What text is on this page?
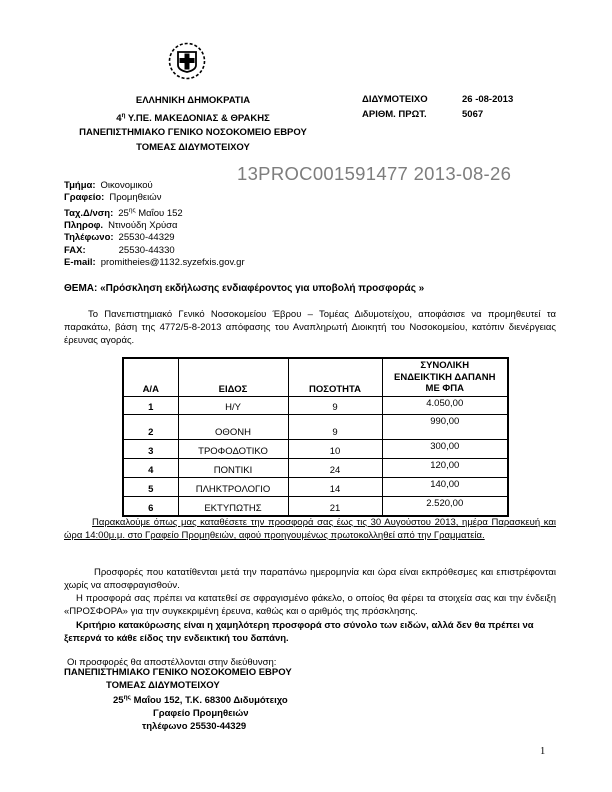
ΕΛΛΗΝΙΚΗ ΔΗΜΟΚΡΑΤΙΑ
$4^\eta$ Υ.ΠΕ. ΜΑΚΕΔΟΝΙΑΣ & ΘΡΑΚΗΣ
ΠΑΝΕΠΙΣΤΗΜΙΑΚΟ ΓΕΝΙΚΟ ΝΟΣΟΚΟΜΕΙΟ ΕΒΡΟΥ
ΤΟΜΕΑΣ ΔΙΔΥΜΟΤΕΙΧΟΥ
ΔΙΔΥΜΟΤΕΙΧΟ	26 -08-2013
ΑΡΙΘΜ. ΠΡΩΤ.	5067
13PROC001591477 2013-08-26
Τμήμα: Οικονομικού
Γραφείο: Προμηθειών
Ταχ.Δ/νση: $25^{\eta\varsigma}$ Μαΐου 152
Πληροφ. Ντινούδη Χρύσα
Τηλέφωνο: 25530-44329
FAX:	25530-44330
E-mail: promitheies@1132.syzefxis.gov.gr
ΘΕΜΑ: «Πρόσκληση εκδήλωσης ενδιαφέροντος για υποβολή προσφοράς »
Το Πανεπιστημιακό Γενικό Νοσοκομείου Έβρου – Τομέας Διδυμοτείχου, αποφάσισε να προμηθευτεί τα παρακάτω, βάση της 4772/5-8-2013 απόφασης του Αναπληρωτή Διοικητή του Νοσοκομείου, κατόπιν διενέργειας έρευνας αγοράς.
Α/Α	ΕΙΔΟΣ	ΠΟΣΟΤΗΤΑ	ΣΥΝΟΛΙΚΗ
ΕΝΔΕΙΚΤΙΚΗ ΔΑΠΑΝΗ
ΜΕ ΦΠΑ

1	Η/Υ	9	4.050,00
2	ΟΘΟΝΗ	9	990,00
3	ΤΡΟΦΟΔΟΤΙΚΟ	10	300,00
4	ΠΟΝΤΙΚΙ	24	120,00
5	ΠΛΗΚΤΡΟΛΟΓΙΟ	14	140,00
6	ΕΚΤΥΠΩΤΗΣ	21	2.520,00
Παρακαλούμε όπως μας καταθέσετε την προσφορά σας έως τις 30 Αυγούστου 2013, ημέρα Παρασκευή και ώρα 14:00μ.μ. στο Γραφείο Προμηθειών, αφού προηγουμένως πρωτοκολληθεί από την Γραμματεία.
Προσφορές που κατατίθενται μετά την παραπάνω ημερομηνία και ώρα είναι εκπρόθεσμες και επιστρέφονται χωρίς να αποσφραγισθούν.
Η προσφορά σας πρέπει να κατατεθεί σε σφραγισμένο φάκελο, ο οποίος θα φέρει τα στοιχεία σας και την ένδειξη «ΠΡΟΣΦΟΡΑ» για την συγκεκριμένη έρευνα, καθώς και ο αριθμός της πρόσκλησης.
Κριτήριο κατακύρωσης είναι η χαμηλότερη προσφορά στο σύνολο των ειδών, αλλά δεν θα πρέπει να ξεπερνά το κάθε είδος την ενδεικτική του δαπάνη.
Οι προσφορές θα αποστέλλονται στην διεύθυνση:
ΠΑΝΕΠΙΣΤΗΜΙΑΚΟ ΓΕΝΙΚΟ ΝΟΣΟΚΟΜΕΙΟ ΕΒΡΟΥ
ΤΟΜΕΑΣ ΔΙΔΥΜΟΤΕΙΧΟΥ
$25^{\eta\varsigma}$ Μαΐου 152, Τ.Κ. 68300 Διδυμότειχο
Γραφείο Προμηθειών
τηλέφωνο 25530-44329
1
